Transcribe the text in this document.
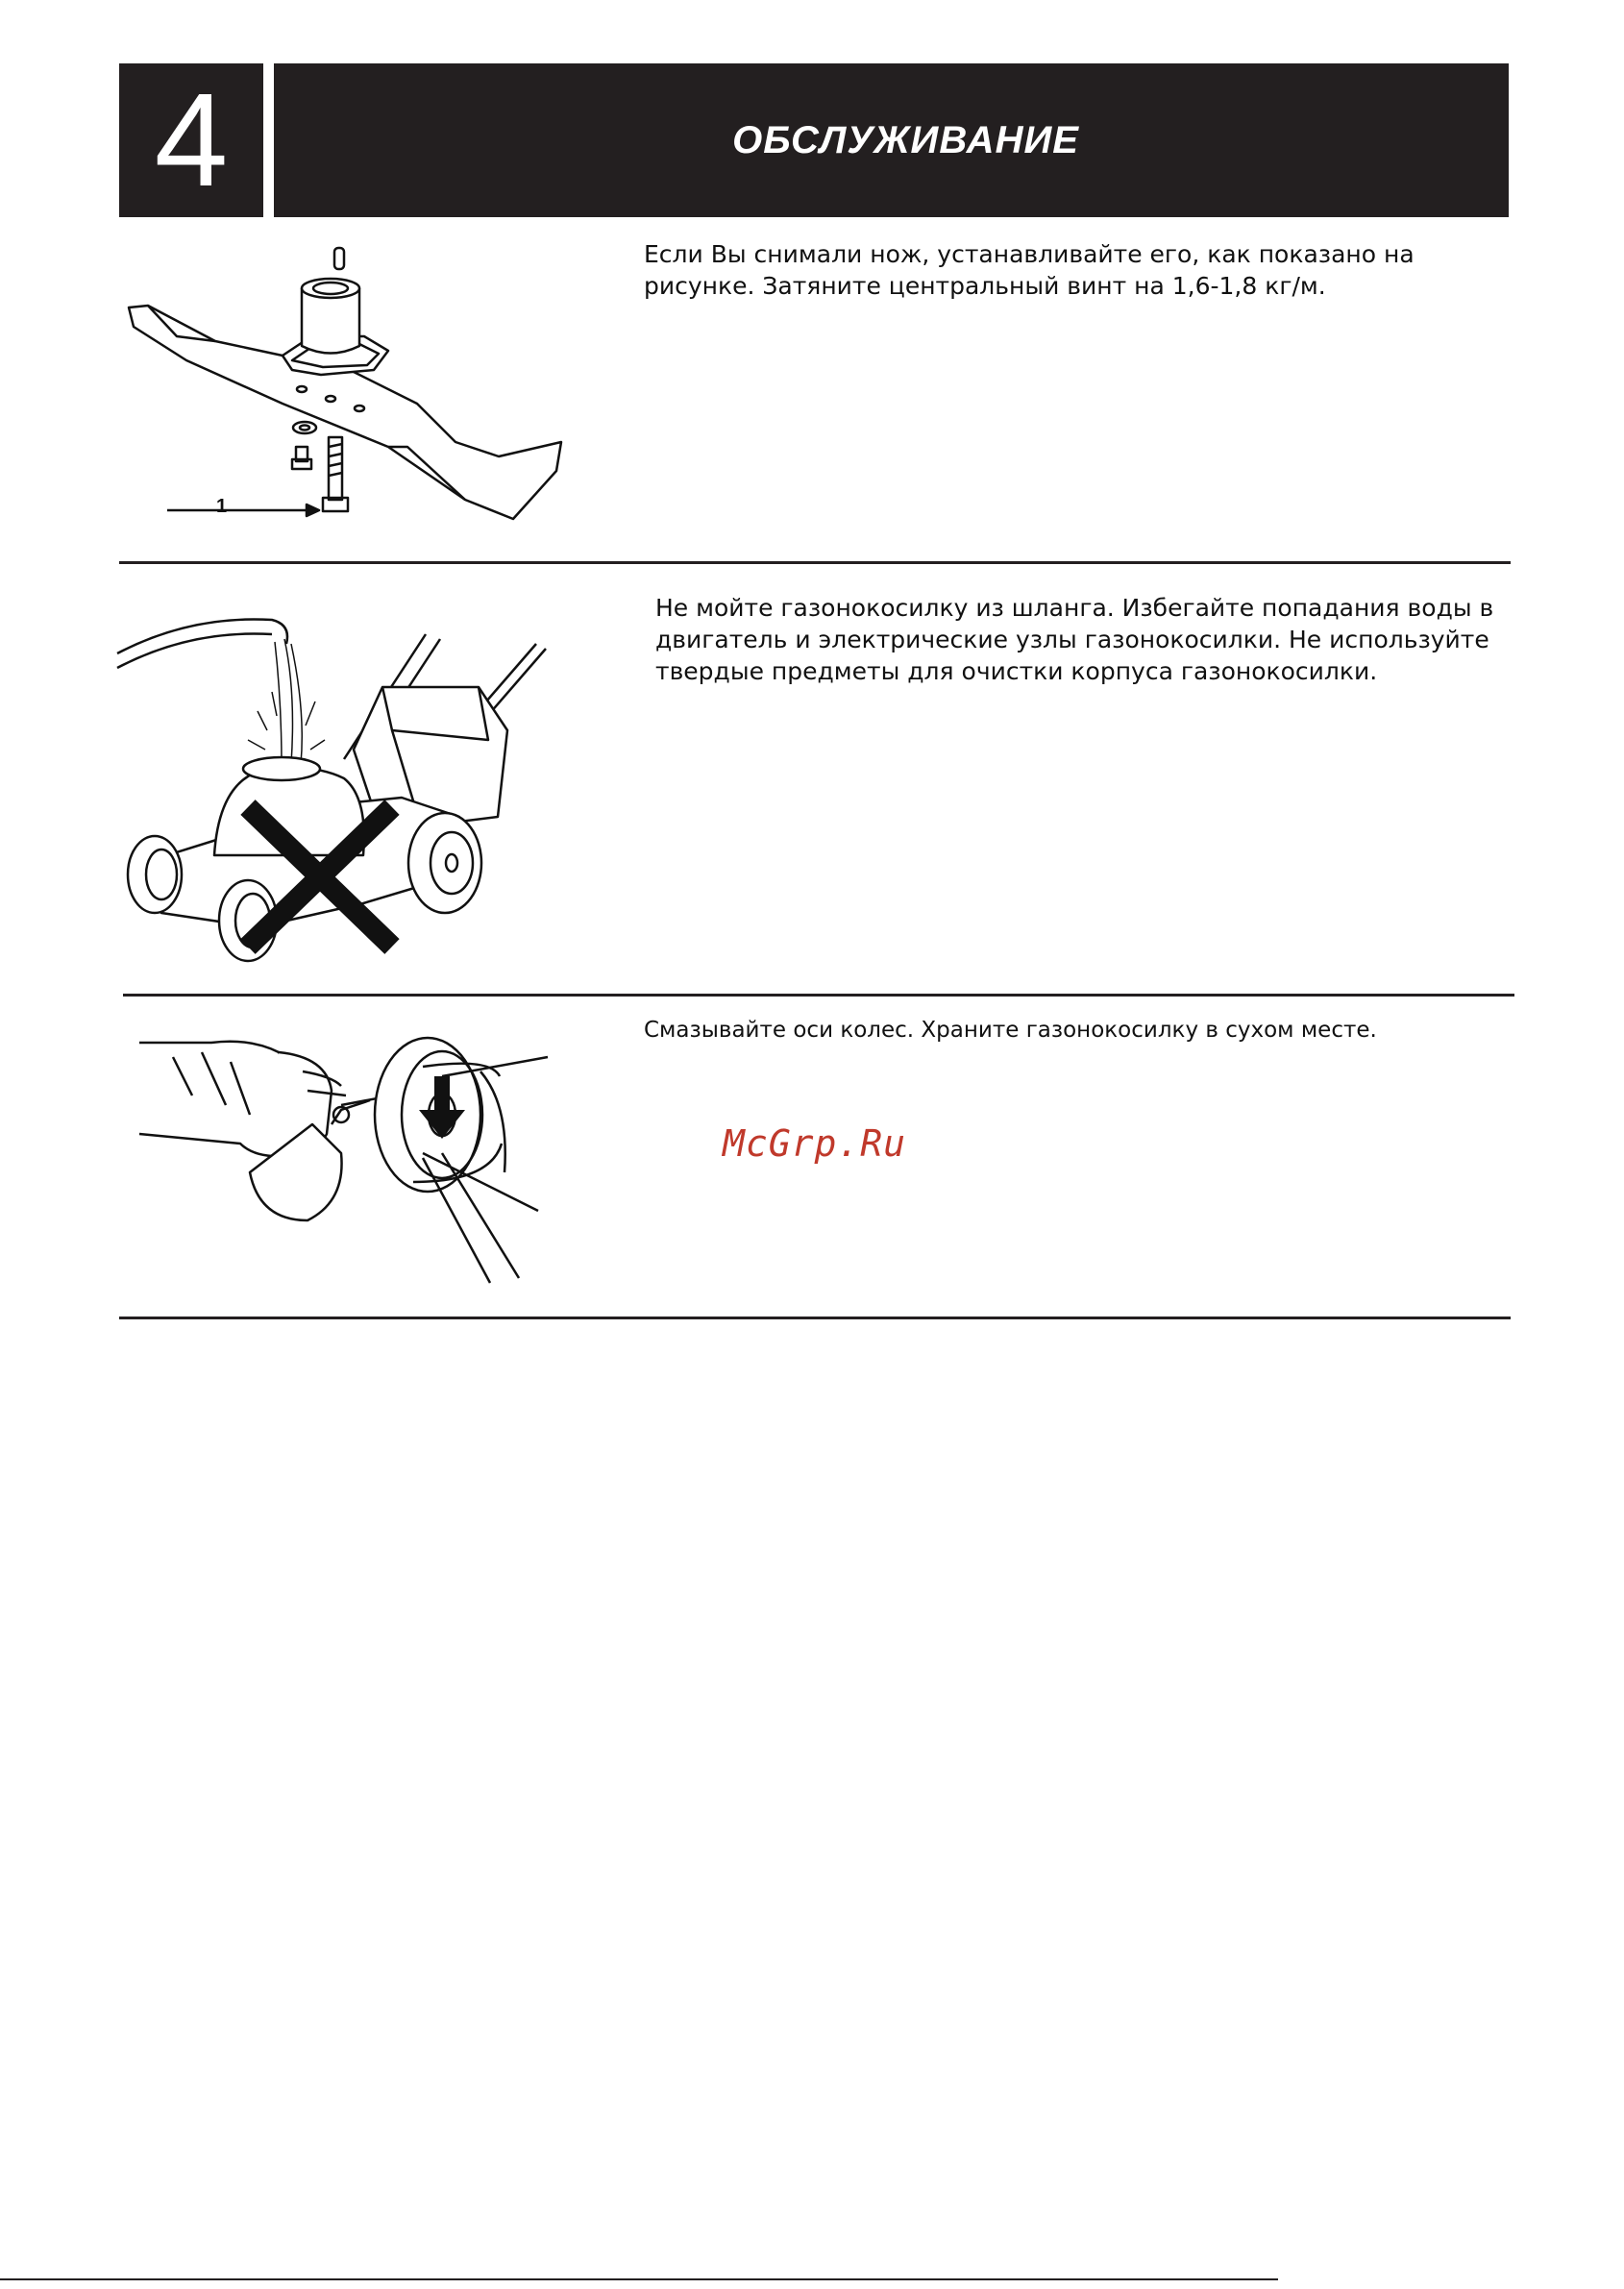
4	ОБСЛУЖИВАНИЕ
1
Если Вы снимали нож, устанавливайте его, как показано на рисунке. Затяните центральный винт на 1,6-1,8 кг/м.
Не мойте газонокосилку из шланга. Избегайте попадания воды в двигатель и электрические узлы газонокосилки. Не используйте твердые предметы для очистки корпуса газонокосилки.
Смазывайте оси колес. Храните газонокосилку в сухом месте.
McGrp.Ru
